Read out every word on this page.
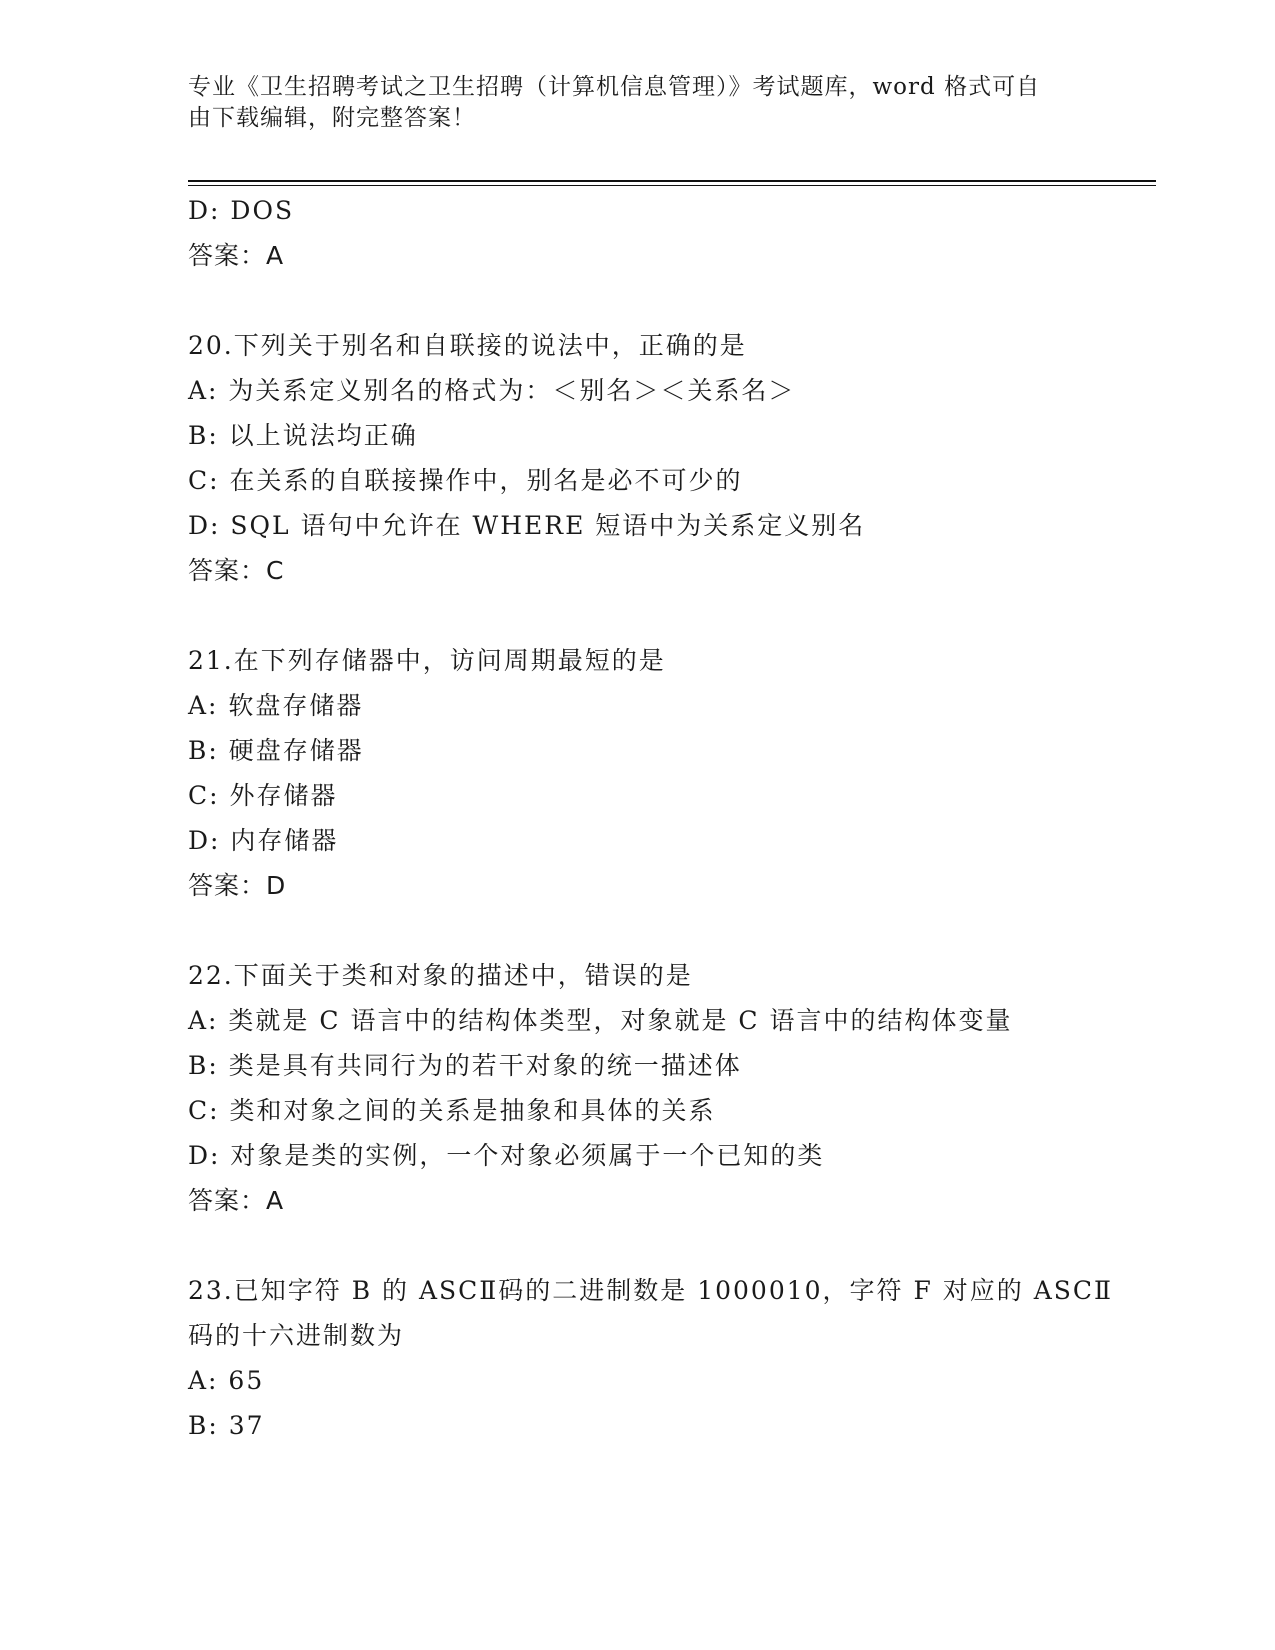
专业《卫生招聘考试之卫生招聘（计算机信息管理）》考试题库，word 格式可自
由下载编辑，附完整答案！
D: DOS
答案：A
20.下列关于别名和自联接的说法中，正确的是
A: 为关系定义别名的格式为：＜别名＞＜关系名＞
B: 以上说法均正确
C: 在关系的自联接操作中，别名是必不可少的
D: SQL 语句中允许在 WHERE 短语中为关系定义别名
答案：C
21.在下列存储器中，访问周期最短的是
A: 软盘存储器
B: 硬盘存储器
C: 外存储器
D: 内存储器
答案：D
22.下面关于类和对象的描述中，错误的是
A: 类就是 C 语言中的结构体类型，对象就是 C 语言中的结构体变量
B: 类是具有共同行为的若干对象的统一描述体
C: 类和对象之间的关系是抽象和具体的关系
D: 对象是类的实例，一个对象必须属于一个已知的类
答案：A
23.已知字符 B 的 ASCⅡ码的二进制数是 1000010，字符 F 对应的 ASCⅡ
码的十六进制数为
A: 65
B: 37
